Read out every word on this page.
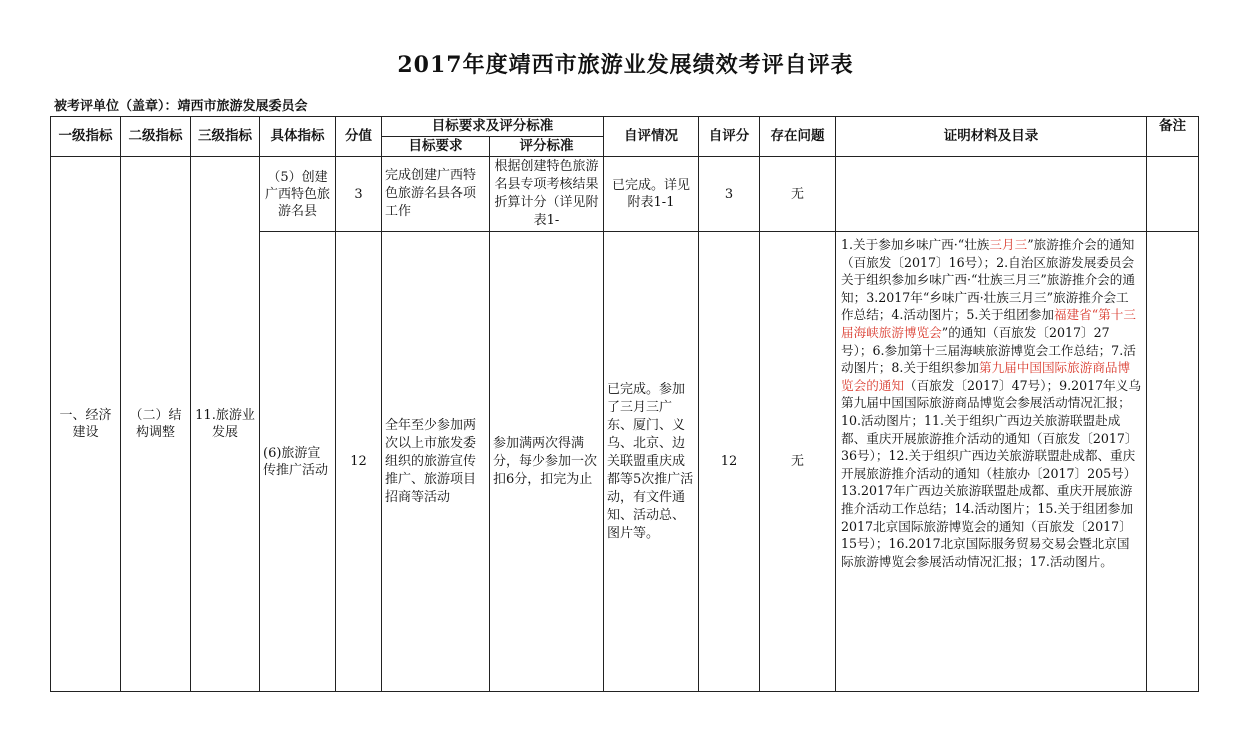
2017年度靖西市旅游业发展绩效考评自评表
被考评单位（盖章）：靖西市旅游发展委员会
一级指标	二级指标	三级指标	具体指标	分值	目标要求及评分标准		自评情况	自评分	存在问题	证明材料及目录	备注
					目标要求	评分标准					
一、经济建设	（二）结构调整	11.旅游业发展	（5）创建广西特色旅游名县	3	完成创建广西特色旅游名县各项工作	根据创建特色旅游名县专项考核结果折算计分（详见附表1-	已完成。详见附表1-1	3	无		
			(6)旅游宣传推广活动	12	全年至少参加两次以上市旅发委组织的旅游宣传推广、旅游项目招商等活动	参加满两次得满分，每少参加一次扣6分，扣完为止	已完成。参加了三月三广东、厦门、义乌、北京、边关联盟重庆成都等5次推广活动，有文件通知、活动总、图片等。	12	无	1.关于参加乡味广西·“壮族三月三”旅游推介会的通知（百旅发〔2017〕16号）；2.自治区旅游发展委员会关于组织参加乡味广西·“壮族三月三”旅游推介会的通知；3.2017年“乡味广西·壮族三月三”旅游推介会工作总结；4.活动图片；5.关于组团参加福建省“第十三届海峡旅游博览会”的通知（百旅发〔2017〕27号）；6.参加第十三届海峡旅游博览会工作总结；7.活动图片；8.关于组织参加第九届中国国际旅游商品博览会的通知（百旅发〔2017〕47号）；9.2017年义乌第九届中国国际旅游商品博览会参展活动情况汇报；10.活动图片；11.关于组织广西边关旅游联盟赴成都、重庆开展旅游推介活动的通知（百旅发〔2017〕36号）；12.关于组织广西边关旅游联盟赴成都、重庆开展旅游推介活动的通知（桂旅办〔2017〕205号）13.2017年广西边关旅游联盟赴成都、重庆开展旅游推介活动工作总结；14.活动图片；15.关于组团参加2017北京国际旅游博览会的通知（百旅发〔2017〕15号）；16.2017北京国际服务贸易交易会暨北京国际旅游博览会参展活动情况汇报；17.活动图片。	
